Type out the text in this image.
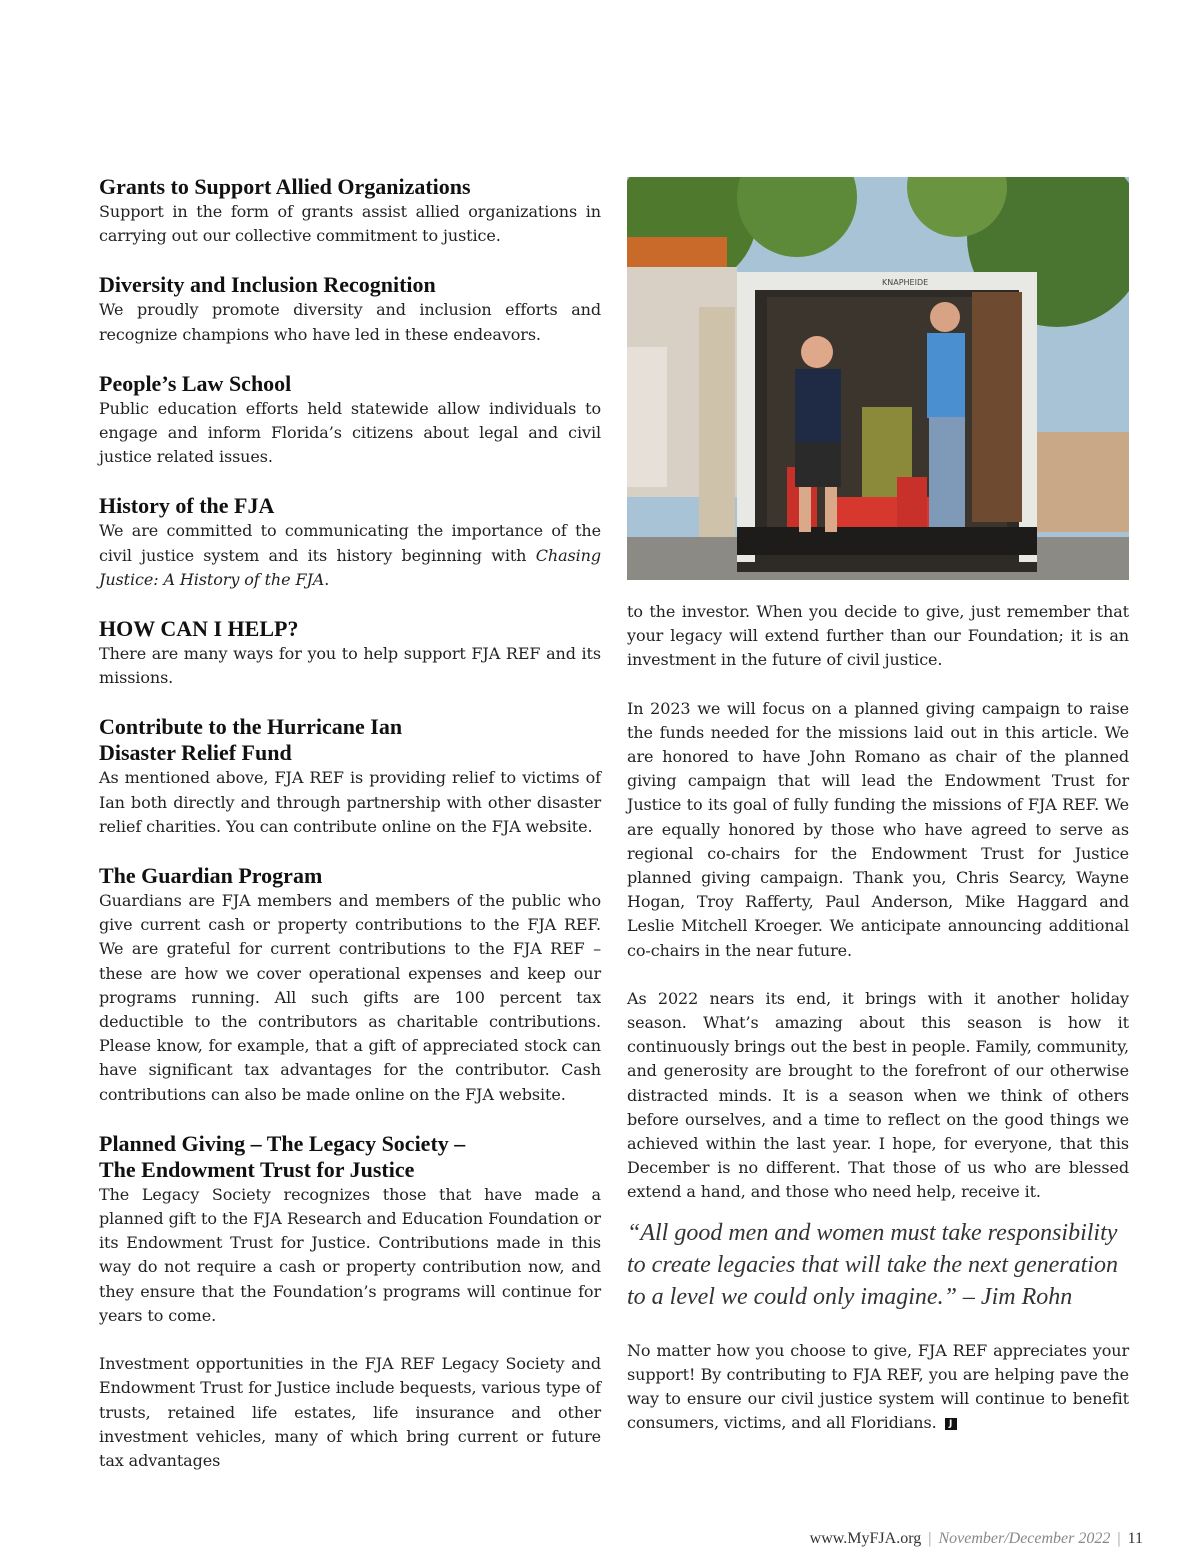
Grants to Support Allied Organizations

Support in the form of grants assist allied organizations in carrying out our collective commitment to justice.

Diversity and Inclusion Recognition

We proudly promote diversity and inclusion efforts and recognize champions who have led in these endeavors.

People’s Law School

Public education efforts held statewide allow individuals to engage and inform Florida’s citizens about legal and civil justice related issues.

History of the FJA

We are committed to communicating the importance of the civil justice system and its history beginning with Chasing Justice: A History of the FJA.

HOW CAN I HELP?

There are many ways for you to help support FJA REF and its missions.

Contribute to the Hurricane Ian
Disaster Relief Fund

As mentioned above, FJA REF is providing relief to victims of Ian both directly and through partnership with other disaster relief charities. You can contribute online on the FJA website.

The Guardian Program

Guardians are FJA members and members of the public who give current cash or property contributions to the FJA REF. We are grateful for current contributions to the FJA REF – these are how we cover operational expenses and keep our programs running. All such gifts are 100 percent tax deductible to the contributors as charitable contributions. Please know, for example, that a gift of appreciated stock can have significant tax advantages for the contributor. Cash contributions can also be made online on the FJA website.

Planned Giving – The Legacy Society –
The Endowment Trust for Justice

The Legacy Society recognizes those that have made a planned gift to the FJA Research and Education Foundation or its Endowment Trust for Justice. Contributions made in this way do not require a cash or property contribution now, and they ensure that the Foundation’s programs will continue for years to come.

Investment opportunities in the FJA REF Legacy Society and Endowment Trust for Justice include bequests, various type of trusts, retained life estates, life insurance and other investment vehicles, many of which bring current or future tax advantages

KNAPHEIDE

to the investor. When you decide to give, just remember that your legacy will extend further than our Foundation; it is an investment in the future of civil justice.

In 2023 we will focus on a planned giving campaign to raise the funds needed for the missions laid out in this article. We are honored to have John Romano as chair of the planned giving campaign that will lead the Endowment Trust for Justice to its goal of fully funding the missions of FJA REF. We are equally honored by those who have agreed to serve as regional co-chairs for the Endowment Trust for Justice planned giving campaign. Thank you, Chris Searcy, Wayne Hogan, Troy Rafferty, Paul Anderson, Mike Haggard and Leslie Mitchell Kroeger. We anticipate announcing additional co-chairs in the near future.

As 2022 nears its end, it brings with it another holiday season. What’s amazing about this season is how it continuously brings out the best in people. Family, community, and generosity are brought to the forefront of our otherwise distracted minds. It is a season when we think of others before ourselves, and a time to reflect on the good things we achieved within the last year. I hope, for everyone, that this December is no different. That those of us who are blessed extend a hand, and those who need help, receive it.

“All good men and women must take responsibility to create legacies that will take the next generation to a level we could only imagine.” – Jim Rohn

No matter how you choose to give, FJA REF appreciates your support! By contributing to FJA REF, you are helping pave the way to ensure our civil justice system will continue to benefit consumers, victims, and all Floridians. J

www.MyFJA.org | November/December 2022 | 11
